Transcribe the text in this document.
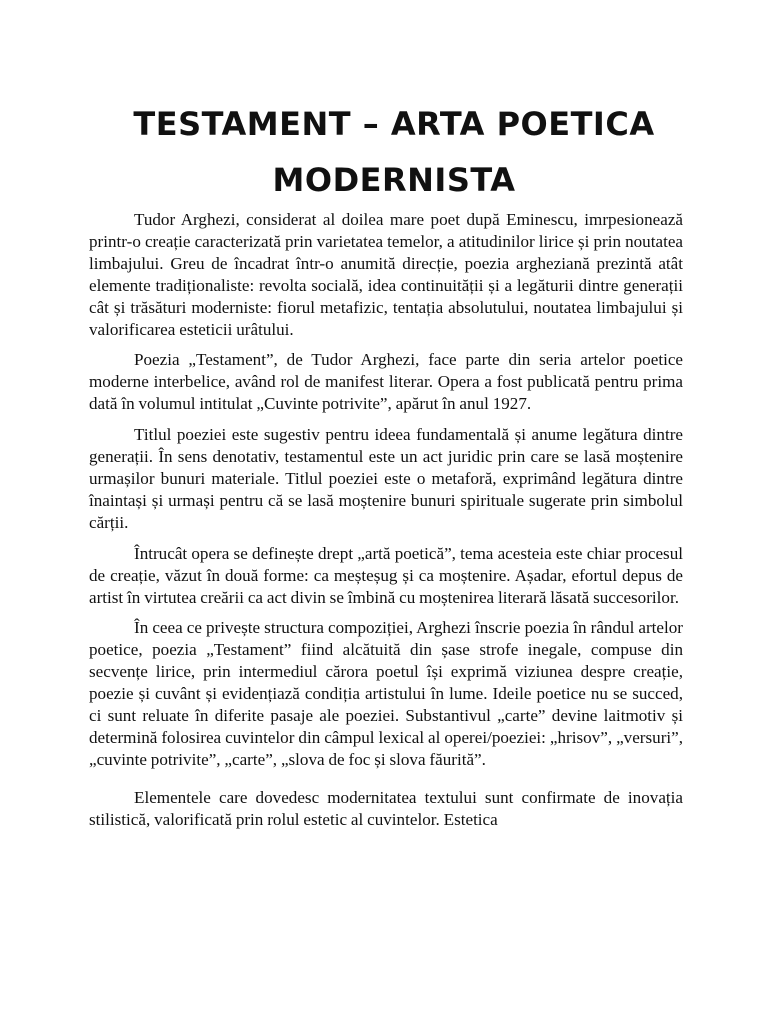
TESTAMENT – ARTA POETICA
MODERNISTA

Tudor Arghezi, considerat al doilea mare poet după Eminescu, imrpesionează printr-o creație caracterizată prin varietatea temelor, a atitudinilor lirice și prin noutatea limbajului. Greu de încadrat într-o anumită direcție, poezia argheziană prezintă atât elemente tradiționaliste: revolta socială, idea continuității și a legăturii dintre generații cât și trăsături moderniste: fiorul metafizic, tentația absolutului, noutatea limbajului și valorificarea esteticii urâtului.

Poezia „Testament”, de Tudor Arghezi, face parte din seria artelor poetice moderne interbelice, având rol de manifest literar. Opera a fost publicată pentru prima dată în volumul intitulat „Cuvinte potrivite”, apărut în anul 1927.

Titlul poeziei este sugestiv pentru ideea fundamentală și anume legătura dintre generații. În sens denotativ, testamentul este un act juridic prin care se lasă moștenire urmașilor bunuri materiale. Titlul poeziei este o metaforă, exprimând legătura dintre înaintași și urmași pentru că se lasă moștenire bunuri spirituale sugerate prin simbolul cărții.

Întrucât opera se definește drept „artă poetică”, tema acesteia este chiar procesul de creație, văzut în două forme: ca meșteșug și ca moștenire. Așadar, efortul depus de artist în virtutea creării ca act divin se îmbină cu moștenirea literară lăsată succesorilor.

În ceea ce privește structura compoziției, Arghezi înscrie poezia în rândul artelor poetice, poezia „Testament” fiind alcătuită din șase strofe inegale, compuse din secvențe lirice, prin intermediul cărora poetul își exprimă viziunea despre creație, poezie și cuvânt și evidențiază condiția artistului în lume. Ideile poetice nu se succed, ci sunt reluate în diferite pasaje ale poeziei. Substantivul „carte” devine laitmotiv și determină folosirea cuvintelor din câmpul lexical al operei/poeziei: „hrisov”, „versuri”, „cuvinte potrivite”, „carte”, „slova de foc și slova făurită”.

Elementele care dovedesc modernitatea textului sunt confirmate de inovația stilistică, valorificată prin rolul estetic al cuvintelor. Estetica
